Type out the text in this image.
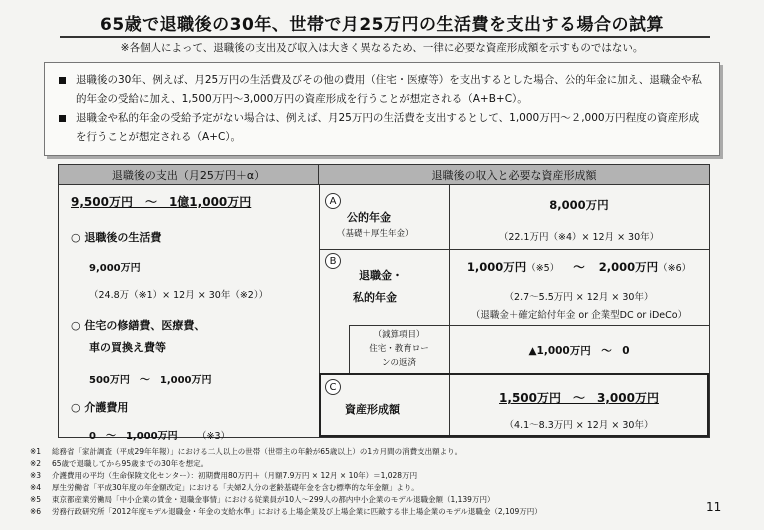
65歳で退職後の30年、世帯で月25万円の生活費を支出する場合の試算
※各個人によって、退職後の支出及び収入は大きく異なるため、一律に必要な資産形成額を示すものではない。
退職後の30年、例えば、月25万円の生活費及びその他の費用（住宅・医療等）を支出するとした場合、公的年金に加え、退職金や私的年金の受給に加え、1,500万円～3,000万円の資産形成を行うことが想定される（A+B+C）。
退職金や私的年金の受給予定がない場合は、例えば、月25万円の生活費を支出するとして、1,000万円～２,000万円程度の資産形成を行うことが想定される（A+C）。
退職後の支出（月25万円＋α）	退職後の収入と必要な資産形成額
9,500万円　～　1億1,000万円
○ 退職後の生活費
9,000万円
（24.8万（※1）× 12月 × 30年（※2））
○ 住宅の修繕費、医療費、
車の買換え費等
500万円　～　1,000万円
○ 介護費用
0　～　1,000万円 （※3）
A
公的年金
（基礎＋厚生年金）
8,000万円
（22.1万円（※4）× 12月 × 30年）
B
退職金・
私的年金
1,000万円（※5） ～ 2,000万円（※6）
（2.7～5.5万円 × 12月 × 30年）
（退職金＋確定給付年金 or 企業型DC or iDeCo）
（減算項目）
住宅・教育ロー
ンの返済
▲1,000万円　～　0
C
資産形成額
1,500万円　～　3,000万円
（4.1～8.3万円 × 12月 × 30年）
※1 総務省「家計調査（平成29年年報）」における二人以上の世帯（世帯主の年齢が65歳以上）の1カ月間の消費支出額より。
※2 65歳で退職してから95歳までの30年を想定。
※3 介護費用の平均（生命保険文化センター）：初期費用80万円＋（月額7.9万円 × 12月 × 10年）＝1,028万円
※4 厚生労働省「平成30年度の年金額改定」における「夫婦2人分の老齢基礎年金を含む標準的な年金額」より。
※5 東京都産業労働局「中小企業の賃金・退職金事情」における従業員が10人～299人の都内中小企業のモデル退職金額（1,139万円）
※6 労務行政研究所「2012年度モデル退職金・年金の支給水準」における上場企業及び上場企業に匹敵する非上場企業のモデル退職金（2,109万円）	11
